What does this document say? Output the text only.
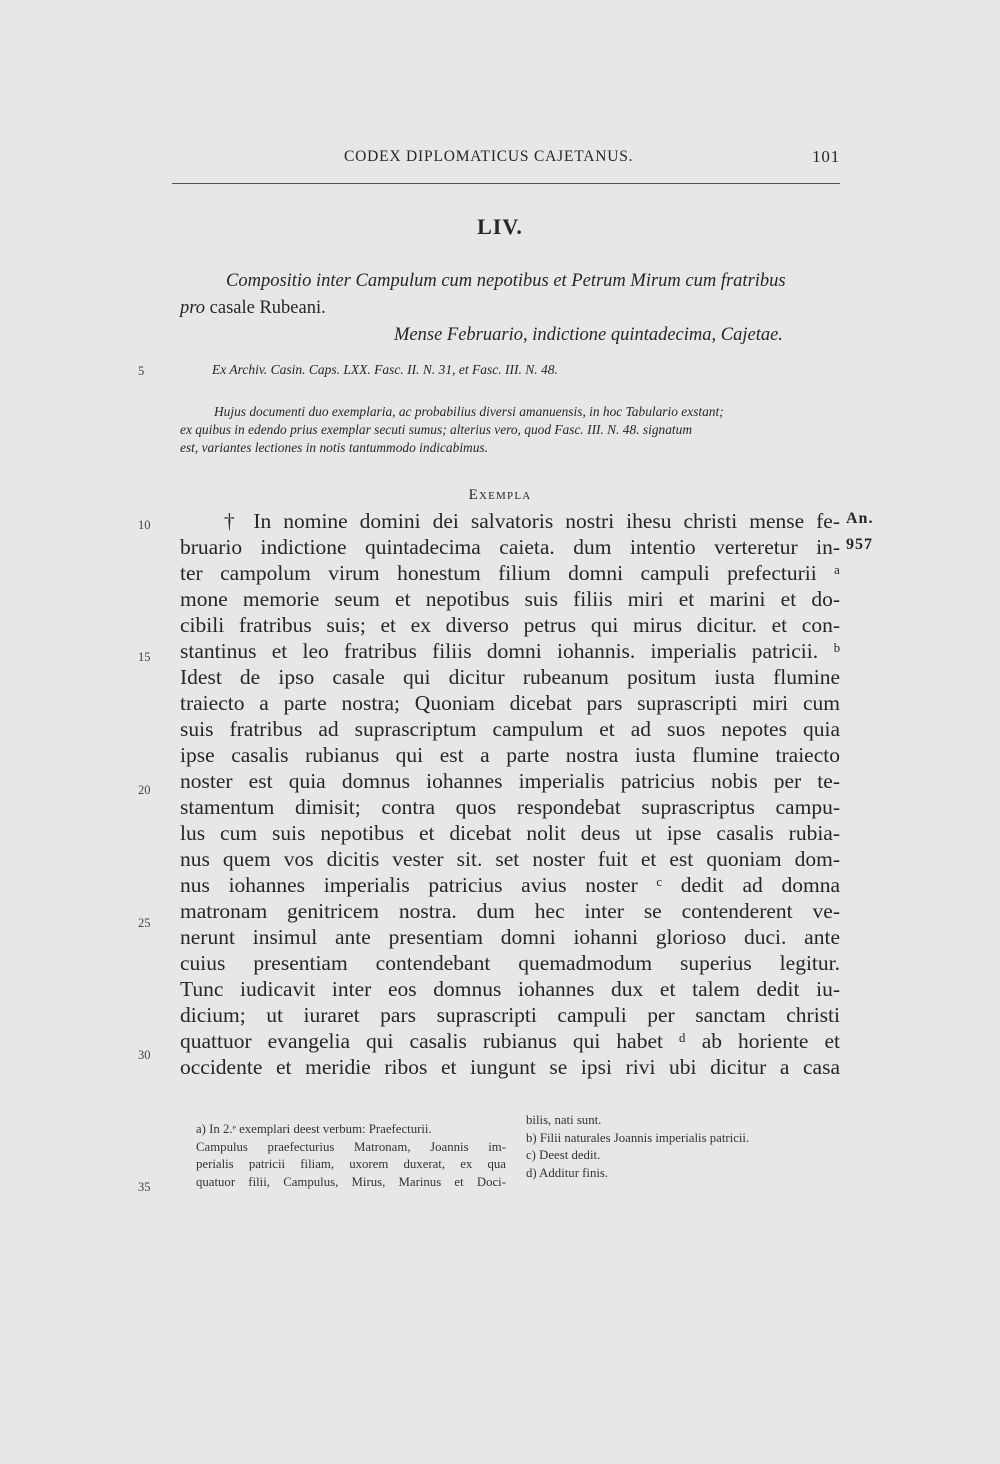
CODEX DIPLOMATICUS CAJETANUS.	101
LIV.
Compositio inter Campulum cum nepotibus et Petrum Mirum cum fratribus
pro casale Rubeani.
Mense Februario, indictione quintadecima, Cajetae.
Ex Archiv. Casin. Caps. LXX. Fasc. II. N. 31, et Fasc. III. N. 48.
Hujus documenti duo exemplaria, ac probabilius diversi amanuensis, in hoc Tabulario exstant;
ex quibus in edendo prius exemplar secuti sumus; alterius vero, quod Fasc. III. N. 48. signatum
est, variantes lectiones in notis tantummodo indicabimus.
Exempla
5
10
15
20
25
30
35
An.
957
† In nomine domini dei salvatoris nostri ihesu christi mense fe-
bruario indictione quintadecima caieta. dum intentio verteretur in-
ter campolum virum honestum filium domni campuli prefecturii ᵃ
mone memorie seum et nepotibus suis filiis miri et marini et do-
cibili fratribus suis; et ex diverso petrus qui mirus dicitur. et con-
stantinus et leo fratribus filiis domni iohannis. imperialis patricii. ᵇ
Idest de ipso casale qui dicitur rubeanum positum iusta flumine
traiecto a parte nostra; Quoniam dicebat pars suprascripti miri cum
suis fratribus ad suprascriptum campulum et ad suos nepotes quia
ipse casalis rubianus qui est a parte nostra iusta flumine traiecto
noster est quia domnus iohannes imperialis patricius nobis per te-
stamentum dimisit; contra quos respondebat suprascriptus campu-
lus cum suis nepotibus et dicebat nolit deus ut ipse casalis rubia-
nus quem vos dicitis vester sit. set noster fuit et est quoniam dom-
nus iohannes imperialis patricius avius noster ᶜ dedit ad domna
matronam genitricem nostra. dum hec inter se contenderent ve-
nerunt insimul ante presentiam domni iohanni glorioso duci. ante
cuius presentiam contendebant quemadmodum superius legitur.
Tunc iudicavit inter eos domnus iohannes dux et talem dedit iu-
dicium; ut iuraret pars suprascripti campuli per sanctam christi
quattuor evangelia qui casalis rubianus qui habet ᵈ ab horiente et
occidente et meridie ribos et iungunt se ipsi rivi ubi dicitur a casa
a) In 2.ᵉ exemplari deest verbum: Praefecturii.
Campulus praefecturius Matronam, Joannis im-
perialis patricii filiam, uxorem duxerat, ex qua
quatuor filii, Campulus, Mirus, Marinus et Doci-
bilis, nati sunt.
b) Filii naturales Joannis imperialis patricii.
c) Deest dedit.
d) Additur finis.
